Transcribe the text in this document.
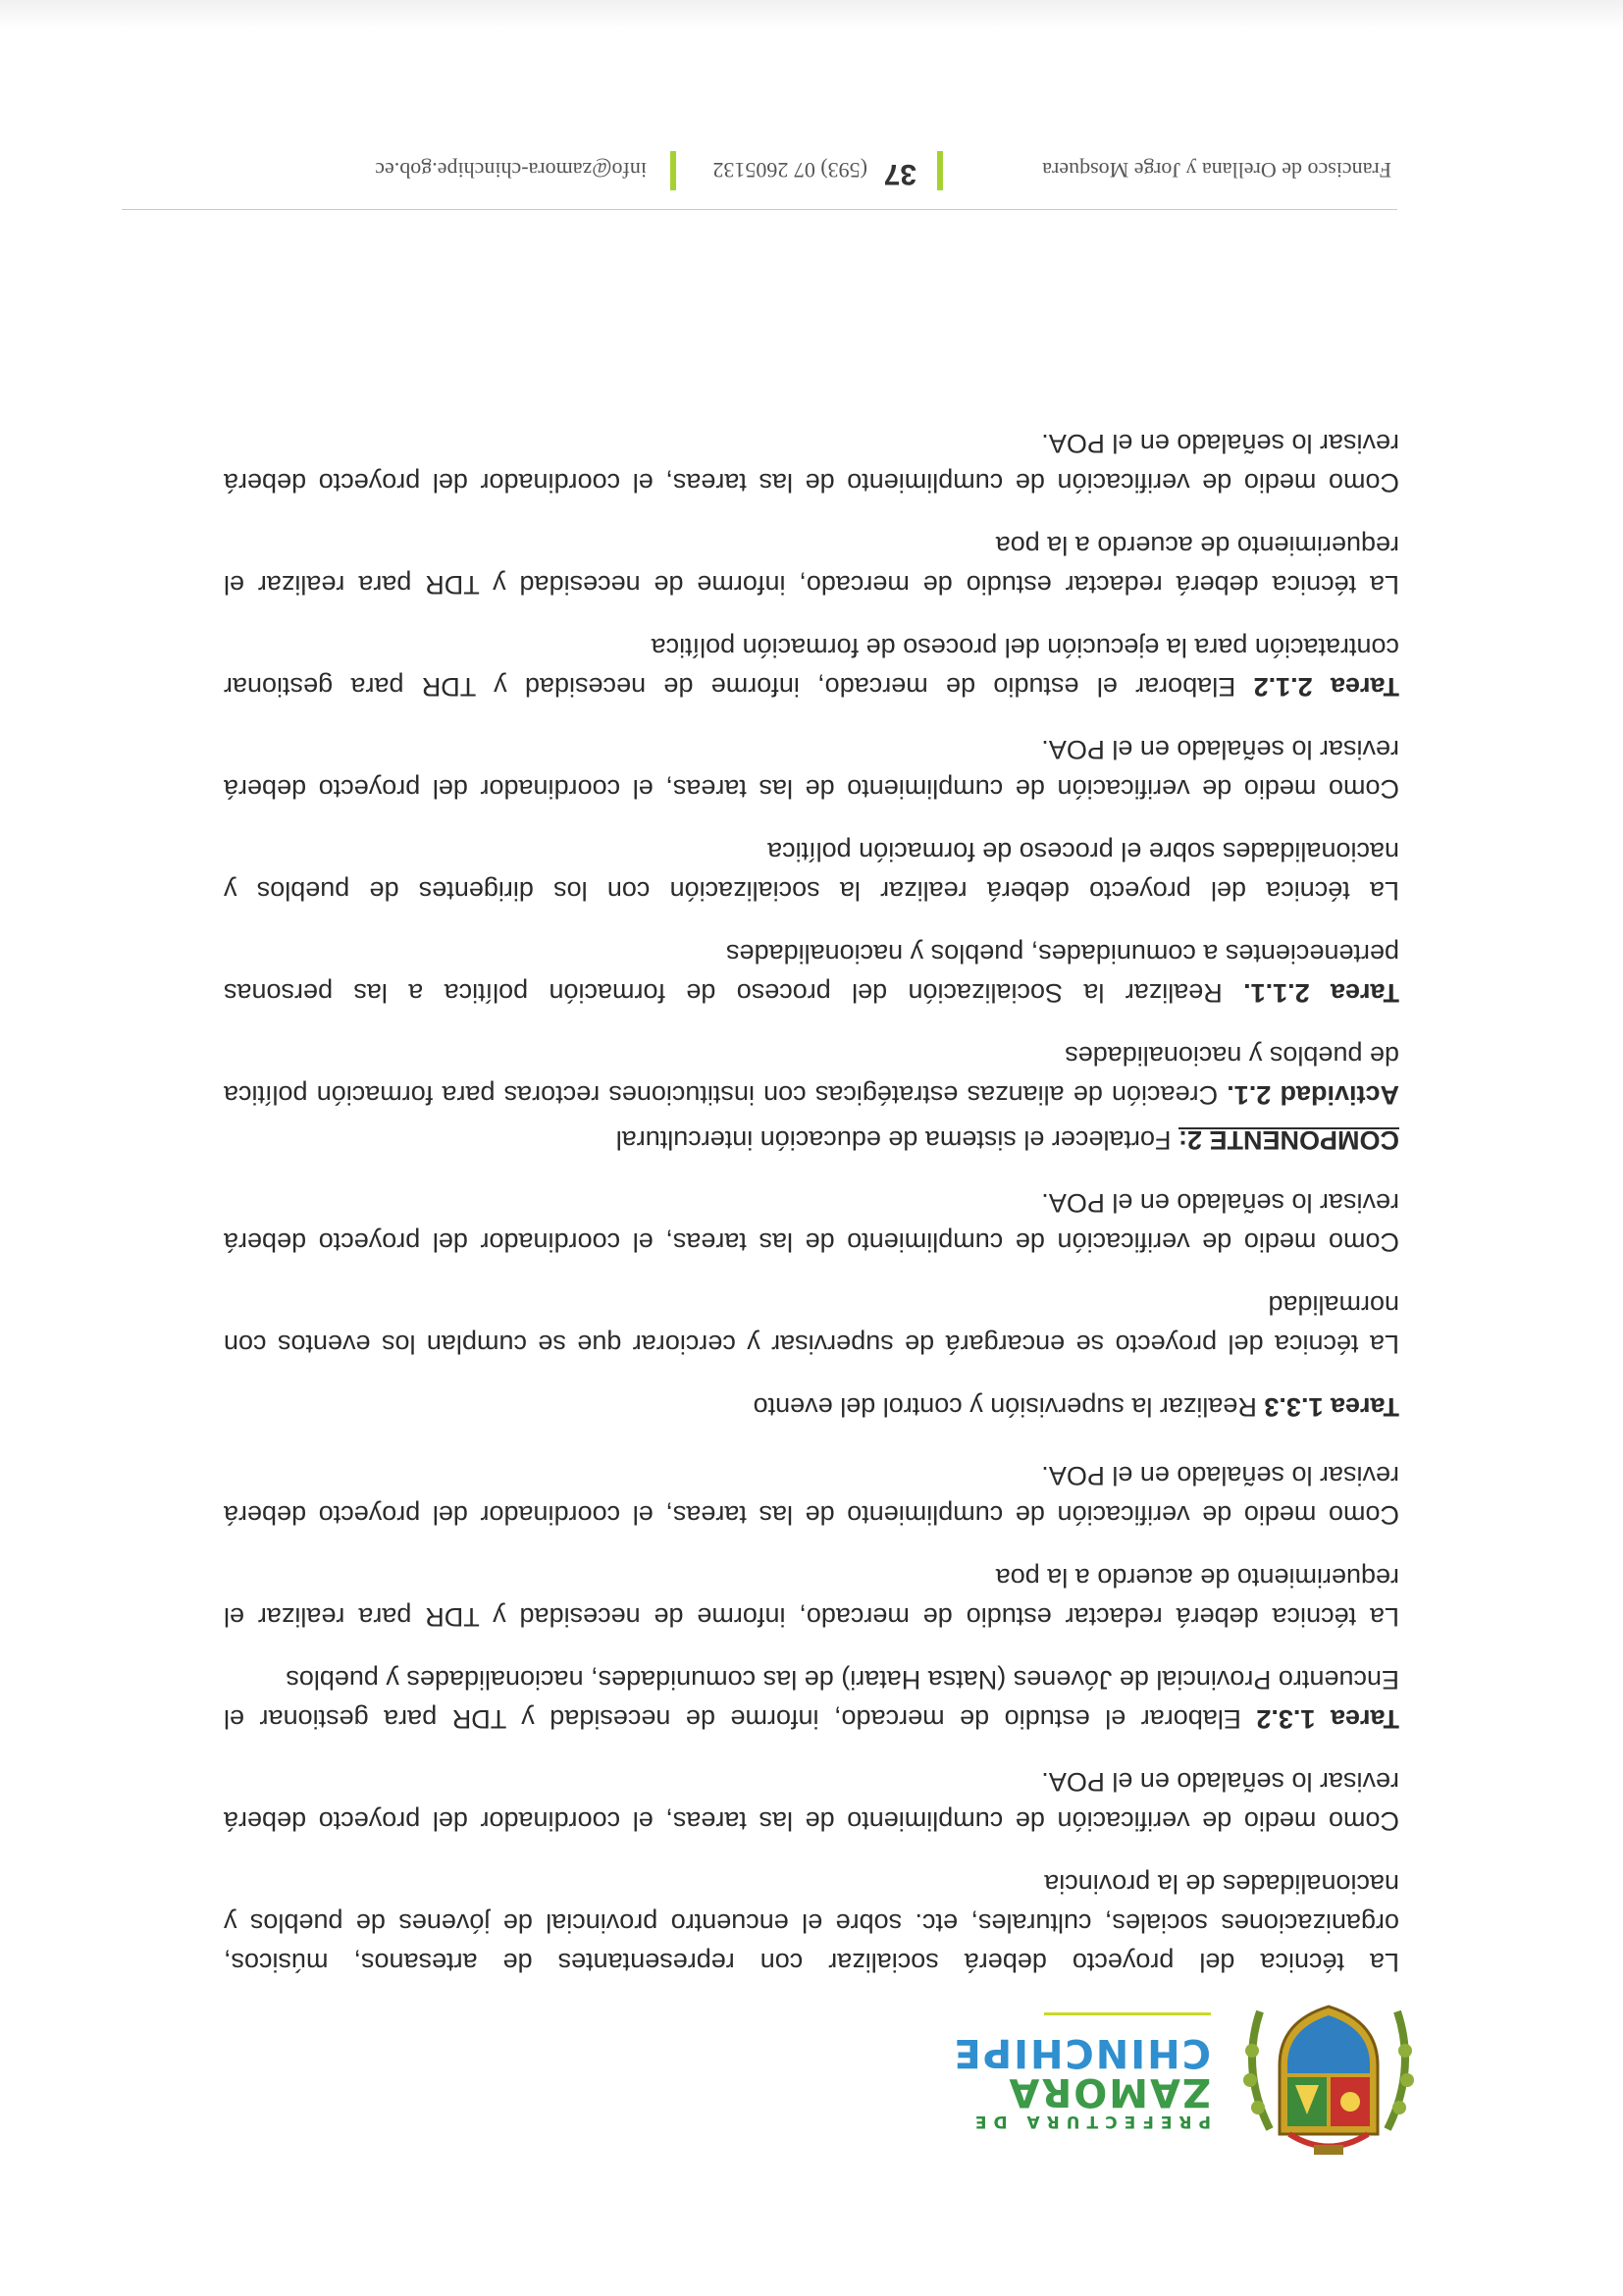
PREFECTURA DE
ZAMORA
CHINCHIPE

La técnica del proyecto deberá socializar con representantes de artesanos, músicos, organizaciones sociales, culturales, etc. sobre el encuentro provincial de jóvenes de pueblos y nacionalidades de la provincia

Como medio de verificación de cumplimiento de las tareas, el coordinador del proyecto deberá revisar lo señalado en el POA.

Tarea 1.3.2 Elaborar el estudio de mercado, informe de necesidad y TDR para gestionar el Encuentro Provincial de Jóvenes (Natsa Hatari) de las comunidades, nacionalidades y pueblos

La técnica deberá redactar estudio de mercado, informe de necesidad y TDR para realizar el requerimiento de acuerdo a la poa

Como medio de verificación de cumplimiento de las tareas, el coordinador del proyecto deberá revisar lo señalado en el POA.

Tarea 1.3.3 Realizar la supervisión y control del evento

La técnica del proyecto se encargará de supervisar y cerciorar que se cumplan los eventos con normalidad

Como medio de verificación de cumplimiento de las tareas, el coordinador del proyecto deberá revisar lo señalado en el POA.

COMPONENTE 2: Fortalecer el sistema de educación intercultural

Actividad 2.1. Creación de alianzas estratégicas con instituciones rectoras para formación política de pueblos y nacionalidades

Tarea 2.1.1. Realizar la Socialización del proceso de formación política a las personas pertenecientes a comunidades, pueblos y nacionalidades

La técnica del proyecto deberá realizar la socialización con los dirigentes de pueblos y nacionalidades sobre el proceso de formación política

Como medio de verificación de cumplimiento de las tareas, el coordinador del proyecto deberá revisar lo señalado en el POA.

Tarea 2.1.2 Elaborar el estudio de mercado, informe de necesidad y TDR para gestionar contratación para la ejecución del proceso de formación política

La técnica deberá redactar estudio de mercado, informe de necesidad y TDR para realizar el requerimiento de acuerdo a la poa

Como medio de verificación de cumplimiento de las tareas, el coordinador del proyecto deberá revisar lo señalado en el POA.

Francisco de Orellana y Jorge Mosquera
37
(593) 07 2605132
info@zamora-chinchipe.gob.ec
